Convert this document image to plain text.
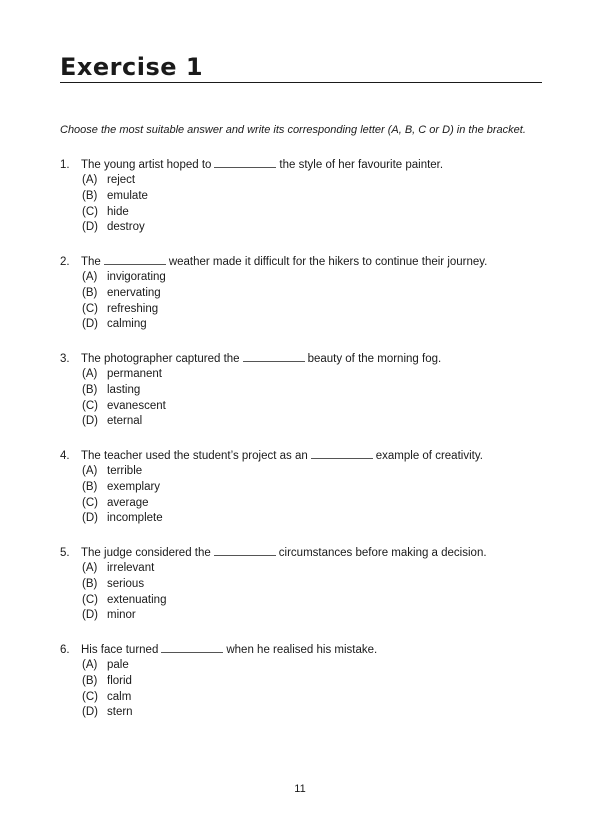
Exercise 1
Choose the most suitable answer and write its corresponding letter (A, B, C or D) in the bracket.
1. The young artist hoped to	the style of her favourite painter.
(A) reject
(B) emulate
(C) hide
(D) destroy
2. The	weather made it difficult for the hikers to continue their journey.
(A) invigorating
(B) enervating
(C) refreshing
(D) calming
3. The photographer captured the	beauty of the morning fog.
(A) permanent
(B) lasting
(C) evanescent
(D) eternal
4. The teacher used the student’s project as an	example of creativity.
(A) terrible
(B) exemplary
(C) average
(D) incomplete
5. The judge considered the	circumstances before making a decision.
(A) irrelevant
(B) serious
(C) extenuating
(D) minor
6. His face turned	when he realised his mistake.
(A) pale
(B) florid
(C) calm
(D) stern
11
